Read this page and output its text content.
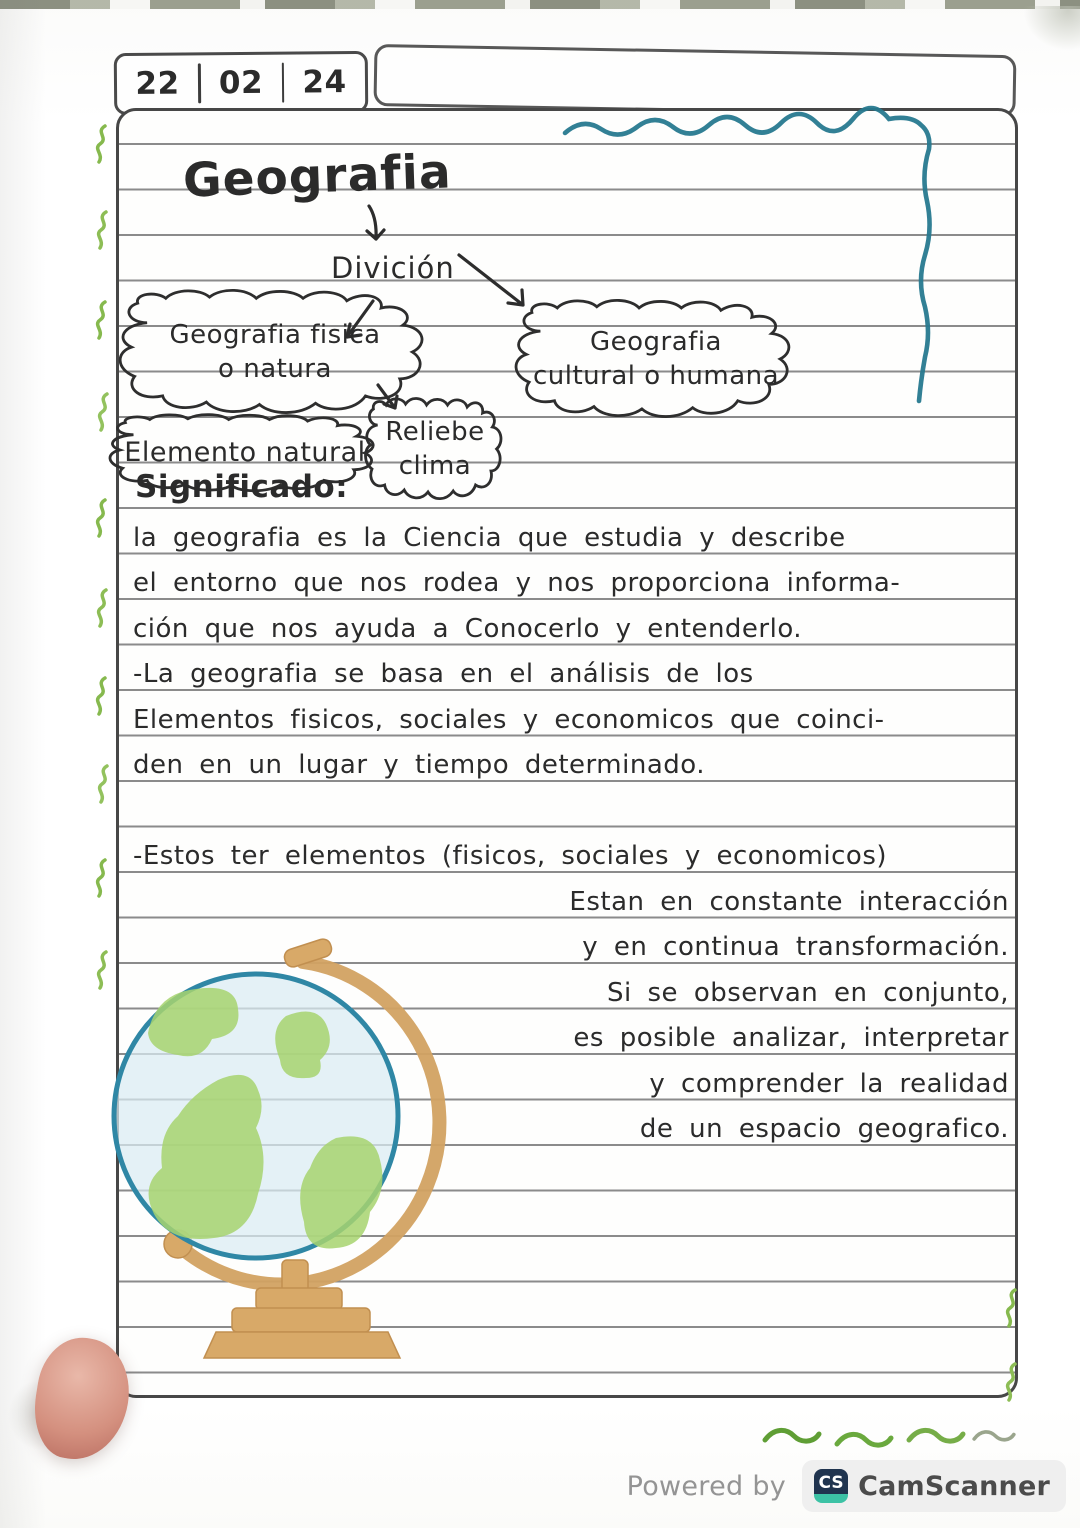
22	02	24
Geografia
Divición
Geografia fisica
o natura
Geografia
cultural o humana
Elemento natural
Reliebe
clima
Significado:
la geografia es la Ciencia que estudia y describe
el entorno que nos rodea y nos proporciona informa-
ción que nos ayuda a Conocerlo y entenderlo.
-La geografia se basa en el análisis de los
Elementos fisicos, sociales y economicos que coinci-
den en un lugar y tiempo determinado.
-Estos ter elementos (fisicos, sociales y economicos)
Estan en constante interacción
y en continua transformación.
Si se observan en conjunto,
es posible analizar, interpretar
y comprender la realidad
de un espacio geografico.
Powered by CS CamScanner
